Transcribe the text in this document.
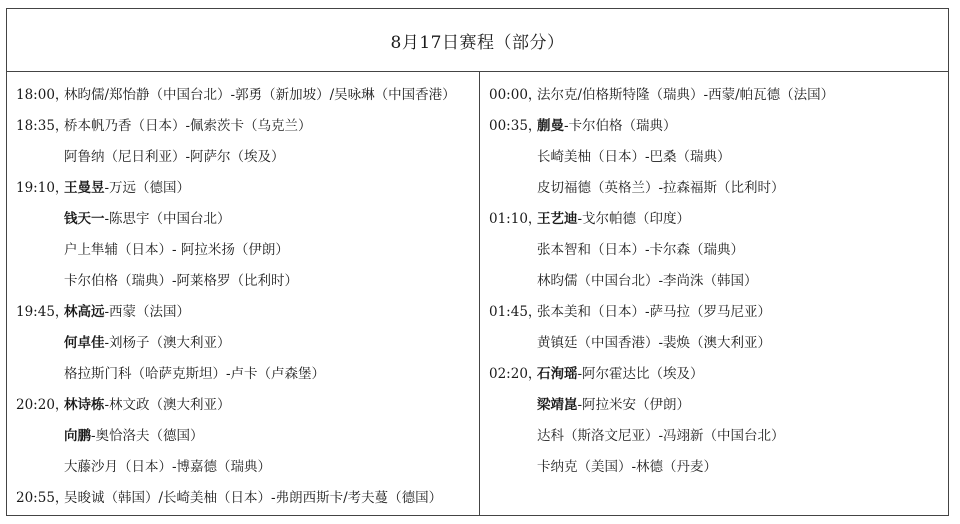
8月17日赛程（部分）
18:00，
林昀儒/郑怡静（中国台北）-郭勇（新加坡）/吴咏琳（中国香港）
18:35，
桥本帆乃香（日本）-佩索茨卡（乌克兰）
阿鲁纳（尼日利亚）-阿萨尔（埃及）
19:10，
王曼昱-万远（德国）
钱天一-陈思宇（中国台北）
户上隼辅（日本）- 阿拉米扬（伊朗）
卡尔伯格（瑞典）-阿莱格罗（比利时）
19:45，
林高远-西蒙（法国）
何卓佳-刘杨子（澳大利亚）
格拉斯门科（哈萨克斯坦）-卢卡（卢森堡）
20:20，
林诗栋-林文政（澳大利亚）
向鹏-奥恰洛夫（德国）
大藤沙月（日本）-博嘉德（瑞典）
20:55，
吴晙诚（韩国）/长崎美柚（日本）-弗朗西斯卡/考夫蔓（德国）
00:00，
法尔克/伯格斯特隆（瑞典）-西蒙/帕瓦德（法国）
00:35，
蒯曼-卡尔伯格（瑞典）
长崎美柚（日本）-巴桑（瑞典）
皮切福德（英格兰）-拉森福斯（比利时）
01:10，
王艺迪-戈尔帕德（印度）
张本智和（日本）-卡尔森（瑞典）
林昀儒（中国台北）-李尚洙（韩国）
01:45，
张本美和（日本）-萨马拉（罗马尼亚）
黄镇廷（中国香港）-裴焕（澳大利亚）
02:20，
石洵瑶-阿尔霍达比（埃及）
梁靖崑-阿拉米安（伊朗）
达科（斯洛文尼亚）-冯翊新（中国台北）
卡纳克（美国）-林德（丹麦）
